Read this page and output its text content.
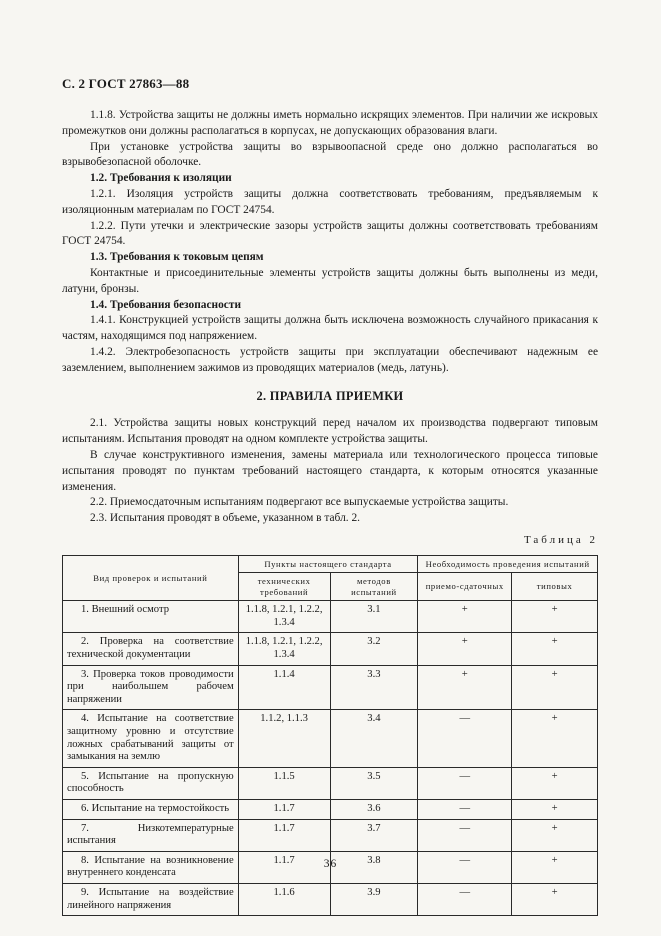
С. 2 ГОСТ 27863—88

1.1.8. Устройства защиты не должны иметь нормально искрящих элементов. При наличии же искровых промежутков они должны располагаться в корпусах, не допускающих образования влаги.

При установке устройства защиты во взрывоопасной среде оно должно располагаться во взрывобезопасной оболочке.

1.2. Требования к изоляции

1.2.1. Изоляция устройств защиты должна соответствовать требованиям, предъявляемым к изоляционным материалам по ГОСТ 24754.

1.2.2. Пути утечки и электрические зазоры устройств защиты должны соответствовать требованиям ГОСТ 24754.

1.3. Требования к токовым цепям

Контактные и присоединительные элементы устройств защиты должны быть выполнены из меди, латуни, бронзы.

1.4. Требования безопасности

1.4.1. Конструкцией устройств защиты должна быть исключена возможность случайного прикасания к частям, находящимся под напряжением.

1.4.2. Электробезопасность устройств защиты при эксплуатации обеспечивают надежным ее заземлением, выполнением зажимов из проводящих материалов (медь, латунь).

2. ПРАВИЛА ПРИЕМКИ

2.1. Устройства защиты новых конструкций перед началом их производства подвергают типовым испытаниям. Испытания проводят на одном комплекте устройства защиты.

В случае конструктивного изменения, замены материала или технологического процесса типовые испытания проводят по пунктам требований настоящего стандарта, к которым относятся указанные изменения.

2.2. Приемосдаточным испытаниям подвергают все выпускаемые устройства защиты.

2.3. Испытания проводят в объеме, указанном в табл. 2.

Таблица 2
Вид проверок и испытаний	Пункты настоящего стандарта		Необходимость проведения испытаний	
	технических требований	методов испытаний	приемо-сдаточных	типовых

1. Внешний осмотр	1.1.8, 1.2.1, 1.2.2, 1.3.4	3.1	+	+

2. Проверка на соответствие технической документации	1.1.8, 1.2.1, 1.2.2, 1.3.4	3.2	+	+

3. Проверка токов проводимости при наибольшем рабочем напряжении	1.1.4	3.3	+	+

4. Испытание на соответствие защитному уровню и отсутствие ложных срабатываний защиты от замыкания на землю	1.1.2, 1.1.3	3.4	—	+

5. Испытание на пропускную способность	1.1.5	3.5	—	+

6. Испытание на термостойкость	1.1.7	3.6	—	+

7. Низкотемпературные испытания	1.1.7	3.7	—	+

8. Испытание на возникновение внутреннего конденсата	1.1.7	3.8	—	+

9. Испытание на воздействие линейного напряжения	1.1.6	3.9	—	+
36
